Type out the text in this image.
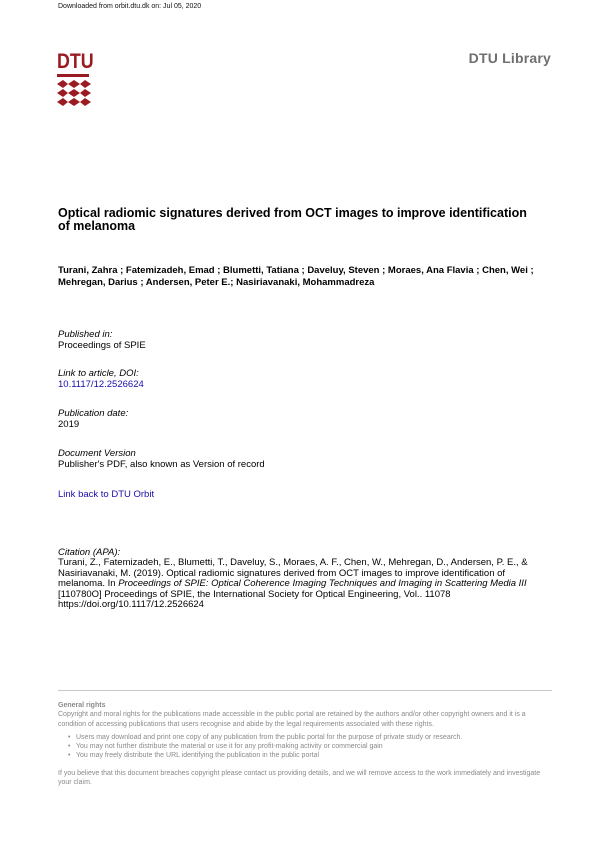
Downloaded from orbit.dtu.dk on: Jul 05, 2020
DTU	DTU Library
Optical radiomic signatures derived from OCT images to improve identification of melanoma
Turani, Zahra ; Fatemizadeh, Emad ; Blumetti, Tatiana ; Daveluy, Steven ; Moraes, Ana Flavia ; Chen, Wei ; Mehregan, Darius ; Andersen, Peter E.; Nasiriavanaki, Mohammadreza
Published in:
Proceedings of SPIE
Link to article, DOI:
10.1117/12.2526624
Publication date:
2019
Document Version
Publisher's PDF, also known as Version of record
Link back to DTU Orbit
Citation (APA):
Turani, Z., Fatemizadeh, E., Blumetti, T., Daveluy, S., Moraes, A. F., Chen, W., Mehregan, D., Andersen, P. E., & Nasiriavanaki, M. (2019). Optical radiomic signatures derived from OCT images to improve identification of melanoma. In Proceedings of SPIE: Optical Coherence Imaging Techniques and Imaging in Scattering Media III [110780O] Proceedings of SPIE, the International Society for Optical Engineering, Vol.. 11078
https://doi.org/10.1117/12.2526624
General rights
Copyright and moral rights for the publications made accessible in the public portal are retained by the authors and/or other copyright owners and it is a condition of accessing publications that users recognise and abide by the legal requirements associated with these rights.
• Users may download and print one copy of any publication from the public portal for the purpose of private study or research.
• You may not further distribute the material or use it for any profit-making activity or commercial gain
• You may freely distribute the URL identifying the publication in the public portal
If you believe that this document breaches copyright please contact us providing details, and we will remove access to the work immediately and investigate your claim.
